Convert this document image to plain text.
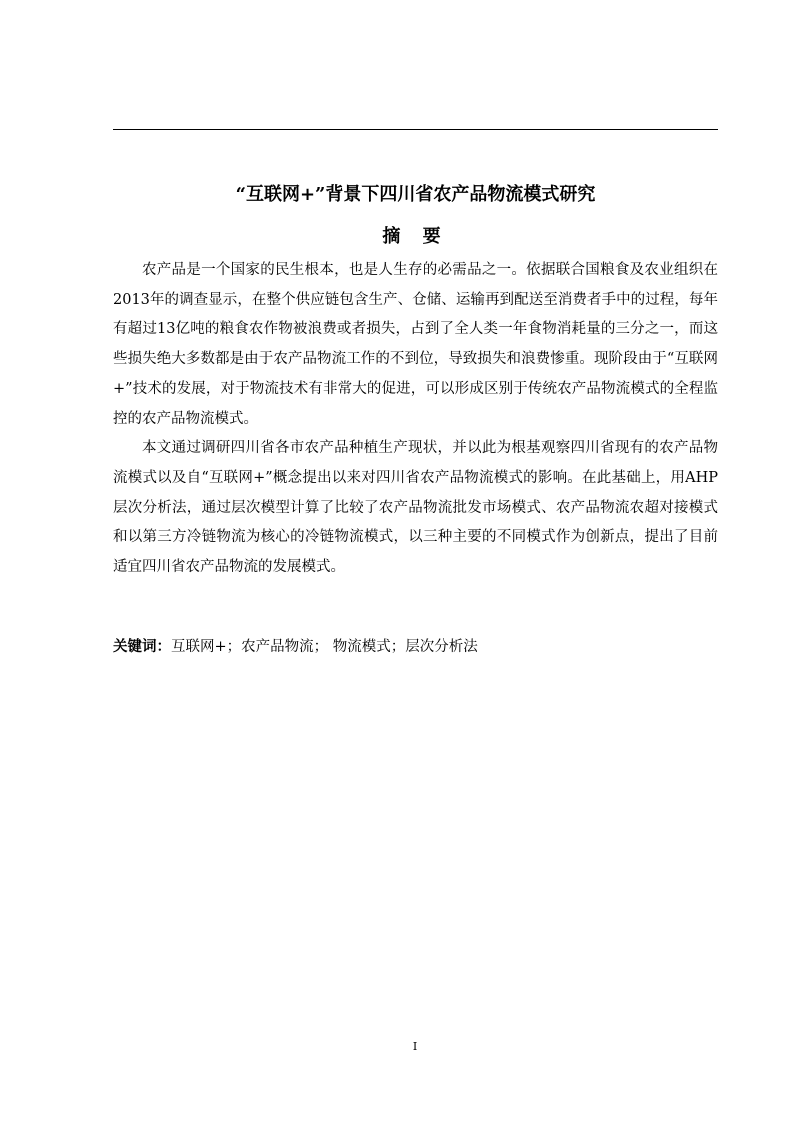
“互联网+”背景下四川省农产品物流模式研究
摘 要

农产品是一个国家的民生根本，也是人生存的必需品之一。依据联合国粮食及农业组织在2013年的调查显示，在整个供应链包含生产、仓储、运输再到配送至消费者手中的过程，每年有超过13亿吨的粮食农作物被浪费或者损失，占到了全人类一年食物消耗量的三分之一，而这些损失绝大多数都是由于农产品物流工作的不到位，导致损失和浪费惨重。现阶段由于“互联网+”技术的发展，对于物流技术有非常大的促进，可以形成区别于传统农产品物流模式的全程监控的农产品物流模式。

本文通过调研四川省各市农产品种植生产现状，并以此为根基观察四川省现有的农产品物流模式以及自“互联网+”概念提出以来对四川省农产品物流模式的影响。在此基础上，用AHP层次分析法，通过层次模型计算了比较了农产品物流批发市场模式、农产品物流农超对接模式和以第三方冷链物流为核心的冷链物流模式，以三种主要的不同模式作为创新点，提出了目前适宜四川省农产品物流的发展模式。

关键词：互联网+；农产品物流； 物流模式；层次分析法
I
